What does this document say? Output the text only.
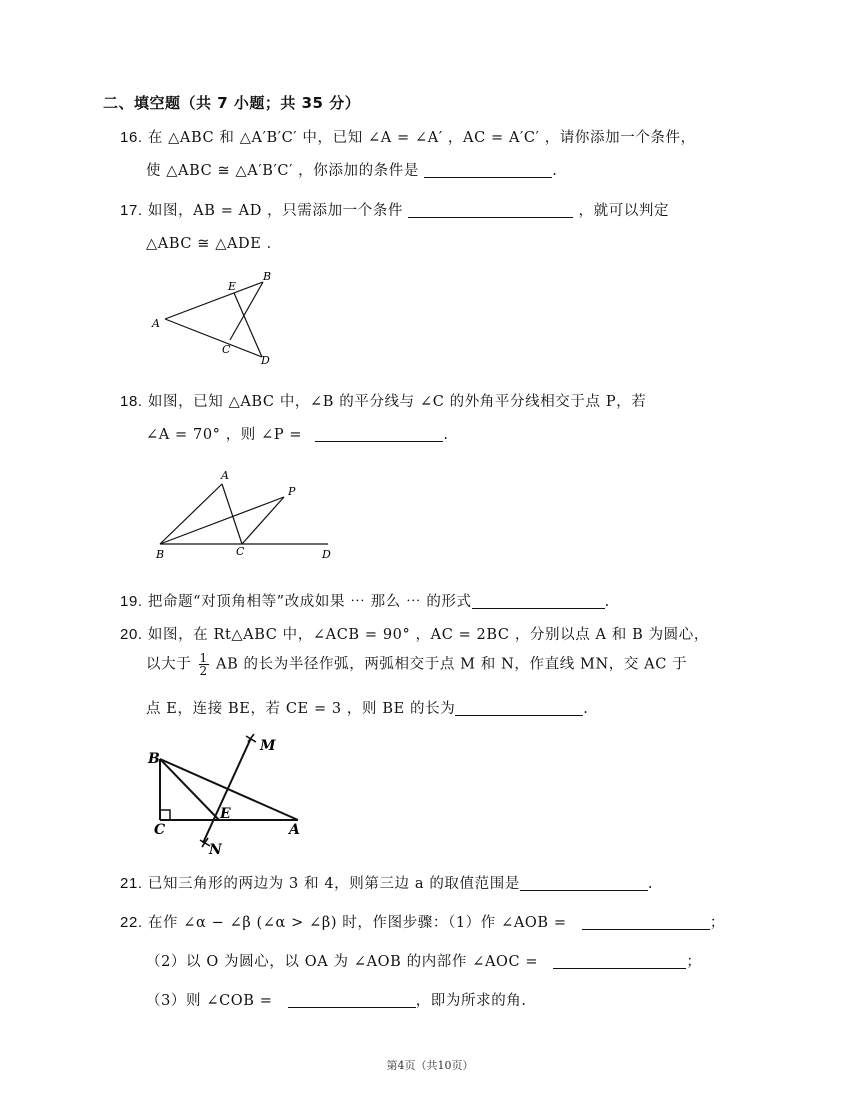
二、填空题（共 7 小题；共 35 分）
16. 在 △ABC 和 △A′B′C′ 中，已知 ∠A = ∠A′ ，AC = A′C′ ，请你添加一个条件，
使 △ABC ≅ △A′B′C′ ，你添加的条件是	.
17. 如图，AB = AD ，只需添加一个条件	，就可以判定
△ABC ≅ △ADE ．
A
B
E
C
D
18. 如图，已知 △ABC 中，∠B 的平分线与 ∠C 的外角平分线相交于点 P，若
∠A = 70° ，则 ∠P =	.
A
B	C	D
P
19. 把命题“对顶角相等”改成如果 ⋯ 那么 ⋯ 的形式	.
20. 如图，在 Rt△ABC 中，∠ACB = 90° ，AC = 2BC ，分别以点 A 和 B 为圆心，
以大于 $\frac{1}{2}$ AB 的长为半径作弧，两弧相交于点 M 和 N，作直线 MN，交 AC 于
点 E，连接 BE，若 CE = 3 ，则 BE 的长为	.
B
C
E
A
M
N
21. 已知三角形的两边为 3 和 4，则第三边 a 的取值范围是	.
22. 在作 ∠α − ∠β (∠α > ∠β) 时，作图步骤：（1）作 ∠AOB =	；
（2）以 O 为圆心，以 OA 为 ∠AOB 的内部作 ∠AOC =	；
（3）则 ∠COB =	，即为所求的角.
第4页（共10页）
